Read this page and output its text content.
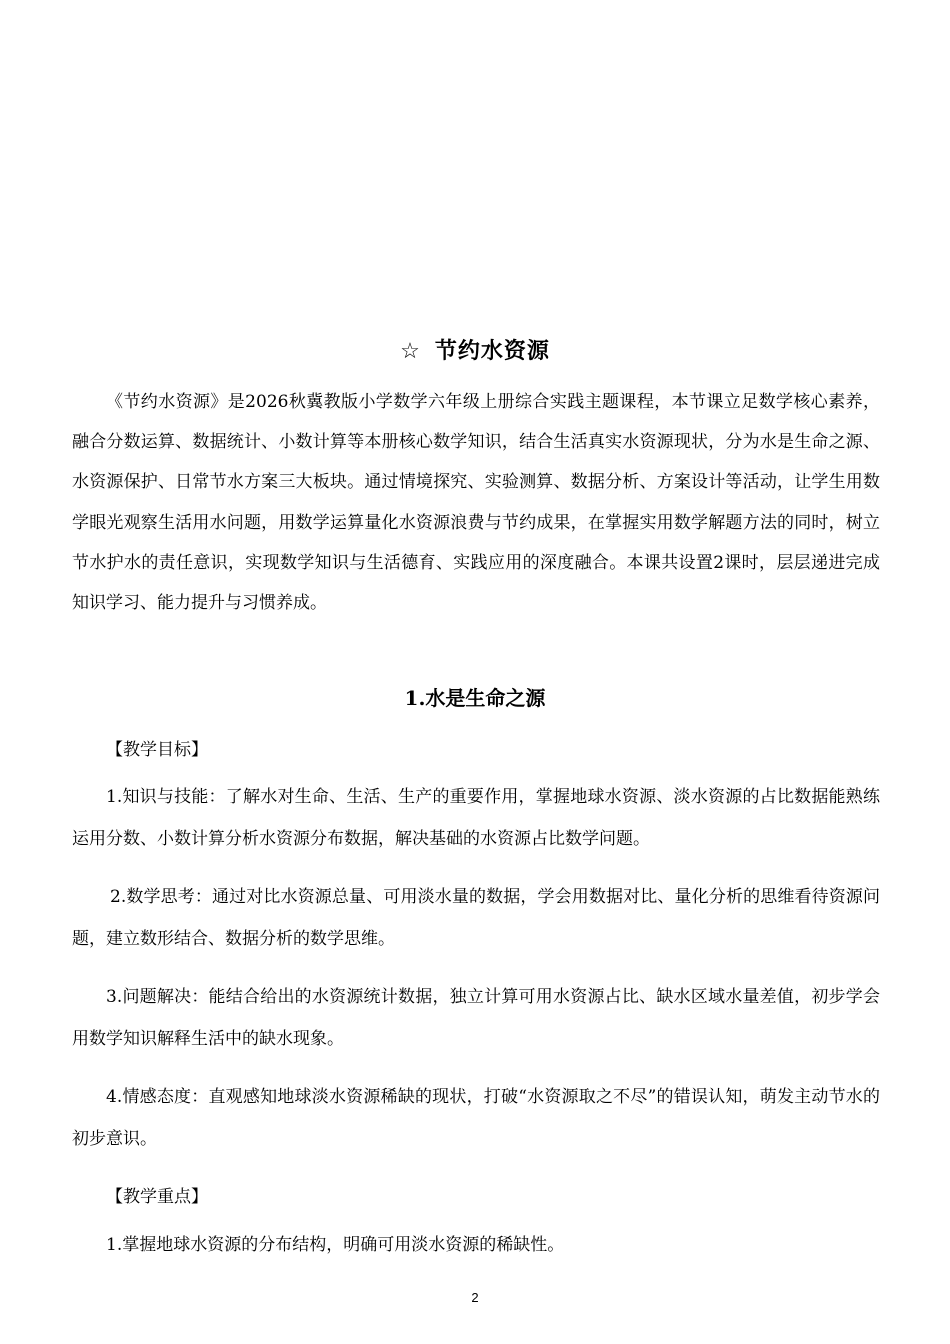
☆ 节约水资源

《节约水资源》是2026秋冀教版小学数学六年级上册综合实践主题课程，本节课立足数学核心素养，融合分数运算、数据统计、小数计算等本册核心数学知识，结合生活真实水资源现状，分为水是生命之源、水资源保护、日常节水方案三大板块。通过情境探究、实验测算、数据分析、方案设计等活动，让学生用数学眼光观察生活用水问题，用数学运算量化水资源浪费与节约成果，在掌握实用数学解题方法的同时，树立节水护水的责任意识，实现数学知识与生活德育、实践应用的深度融合。本课共设置2课时，层层递进完成知识学习、能力提升与习惯养成。

1.水是生命之源

【教学目标】

1.知识与技能：了解水对生命、生活、生产的重要作用，掌握地球水资源、淡水资源的占比数据能熟练运用分数、小数计算分析水资源分布数据，解决基础的水资源占比数学问题。

2.数学思考：通过对比水资源总量、可用淡水量的数据，学会用数据对比、量化分析的思维看待资源问题，建立数形结合、数据分析的数学思维。

3.问题解决：能结合给出的水资源统计数据，独立计算可用水资源占比、缺水区域水量差值，初步学会用数学知识解释生活中的缺水现象。

4.情感态度：直观感知地球淡水资源稀缺的现状，打破“水资源取之不尽”的错误认知，萌发主动节水的初步意识。

【教学重点】

1.掌握地球水资源的分布结构，明确可用淡水资源的稀缺性。

2
